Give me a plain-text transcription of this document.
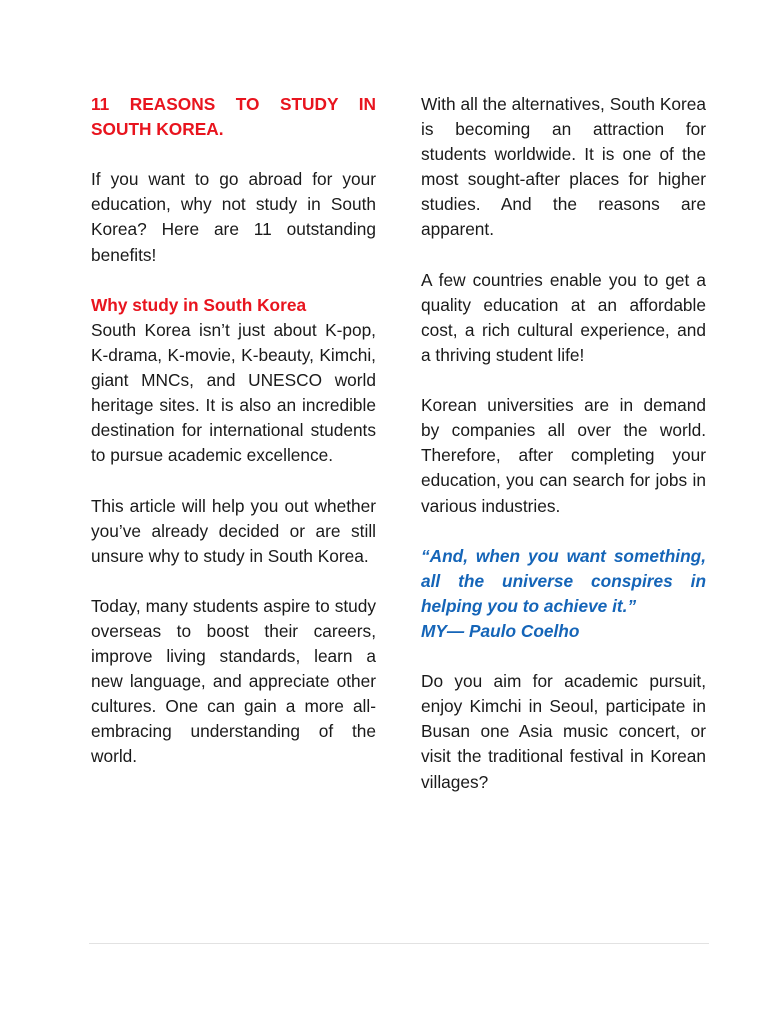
11 REASONS TO STUDY IN SOUTH KOREA.

If you want to go abroad for your education, why not study in South Korea? Here are 11 outstanding benefits!

Why study in South Korea

South Korea isn’t just about K-pop, K-drama, K-movie, K-beauty, Kimchi, giant MNCs, and UNESCO world heritage sites. It is also an incredible destination for international students to pursue academic excellence.

This article will help you out whether you’ve already decided or are still unsure why to study in South Korea.

Today, many students aspire to study overseas to boost their careers, improve living standards, learn a new language, and appreciate other cultures. One can gain a more all-embracing understanding of the world.

With all the alternatives, South Korea is becoming an attraction for students worldwide. It is one of the most sought-after places for higher studies. And the reasons are apparent.

A few countries enable you to get a quality education at an affordable cost, a rich cultural experience, and a thriving student life!

Korean universities are in demand by companies all over the world. Therefore, after completing your education, you can search for jobs in various industries.

“And, when you want something, all the universe conspires in helping you to achieve it.”

MY— Paulo Coelho

Do you aim for academic pursuit, enjoy Kimchi in Seoul, participate in Busan one Asia music concert, or visit the traditional festival in Korean villages?
